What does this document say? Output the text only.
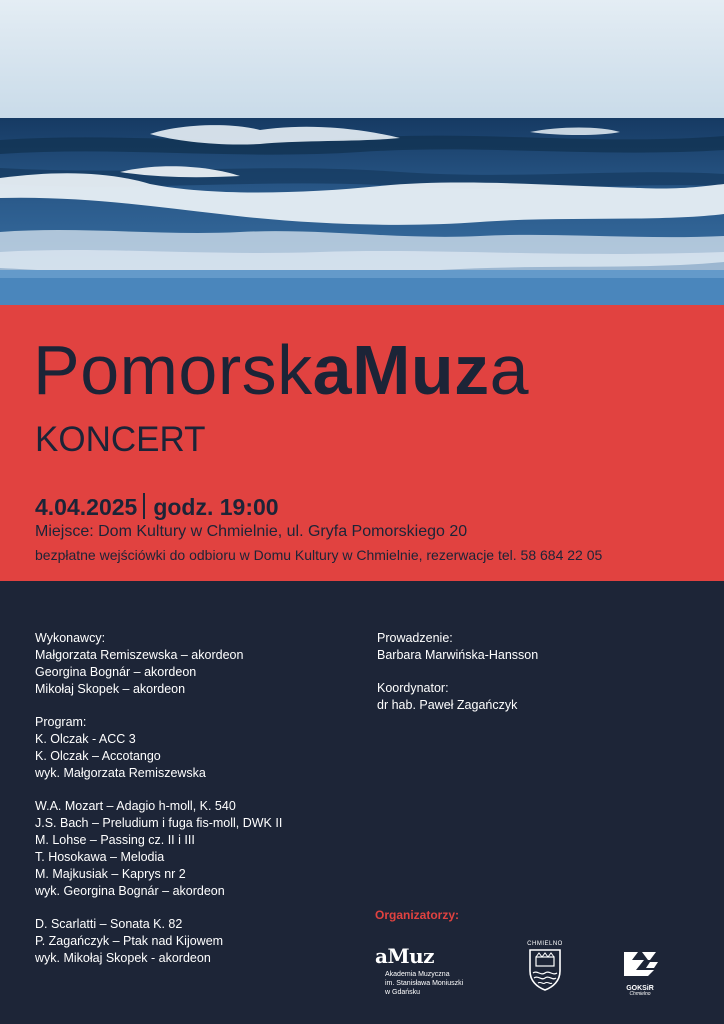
PomorskaMuza
KONCERT
4.04.2025 godz. 19:00
Miejsce: Dom Kultury w Chmielnie, ul. Gryfa Pomorskiego 20
bezpłatne wejściówki do odbioru w Domu Kultury w Chmielnie, rezerwacje tel. 58 684 22 05
Wykonawcy:
Małgorzata Remiszewska – akordeon
Georgina Bognár – akordeon
Mikołaj Skopek – akordeon
Program:
K. Olczak - ACC 3
K. Olczak – Accotango
wyk. Małgorzata Remiszewska
W.A. Mozart – Adagio h-moll, K. 540
J.S. Bach – Preludium i fuga fis-moll, DWK II
M. Lohse – Passing cz. II i III
T. Hosokawa – Melodia
M. Majkusiak – Kaprys nr 2
wyk. Georgina Bognár – akordeon
D. Scarlatti – Sonata K. 82
P. Zagańczyk – Ptak nad Kijowem
wyk. Mikołaj Skopek - akordeon
Prowadzenie:
Barbara Marwińska-Hansson
Koordynator:
dr hab. Paweł Zagańczyk
Organizatorzy:
aMuz
Akademia Muzyczna
im. Stanisława Moniuszki
w Gdańsku
CHMIELNO
GOKSiR
Chmielno
